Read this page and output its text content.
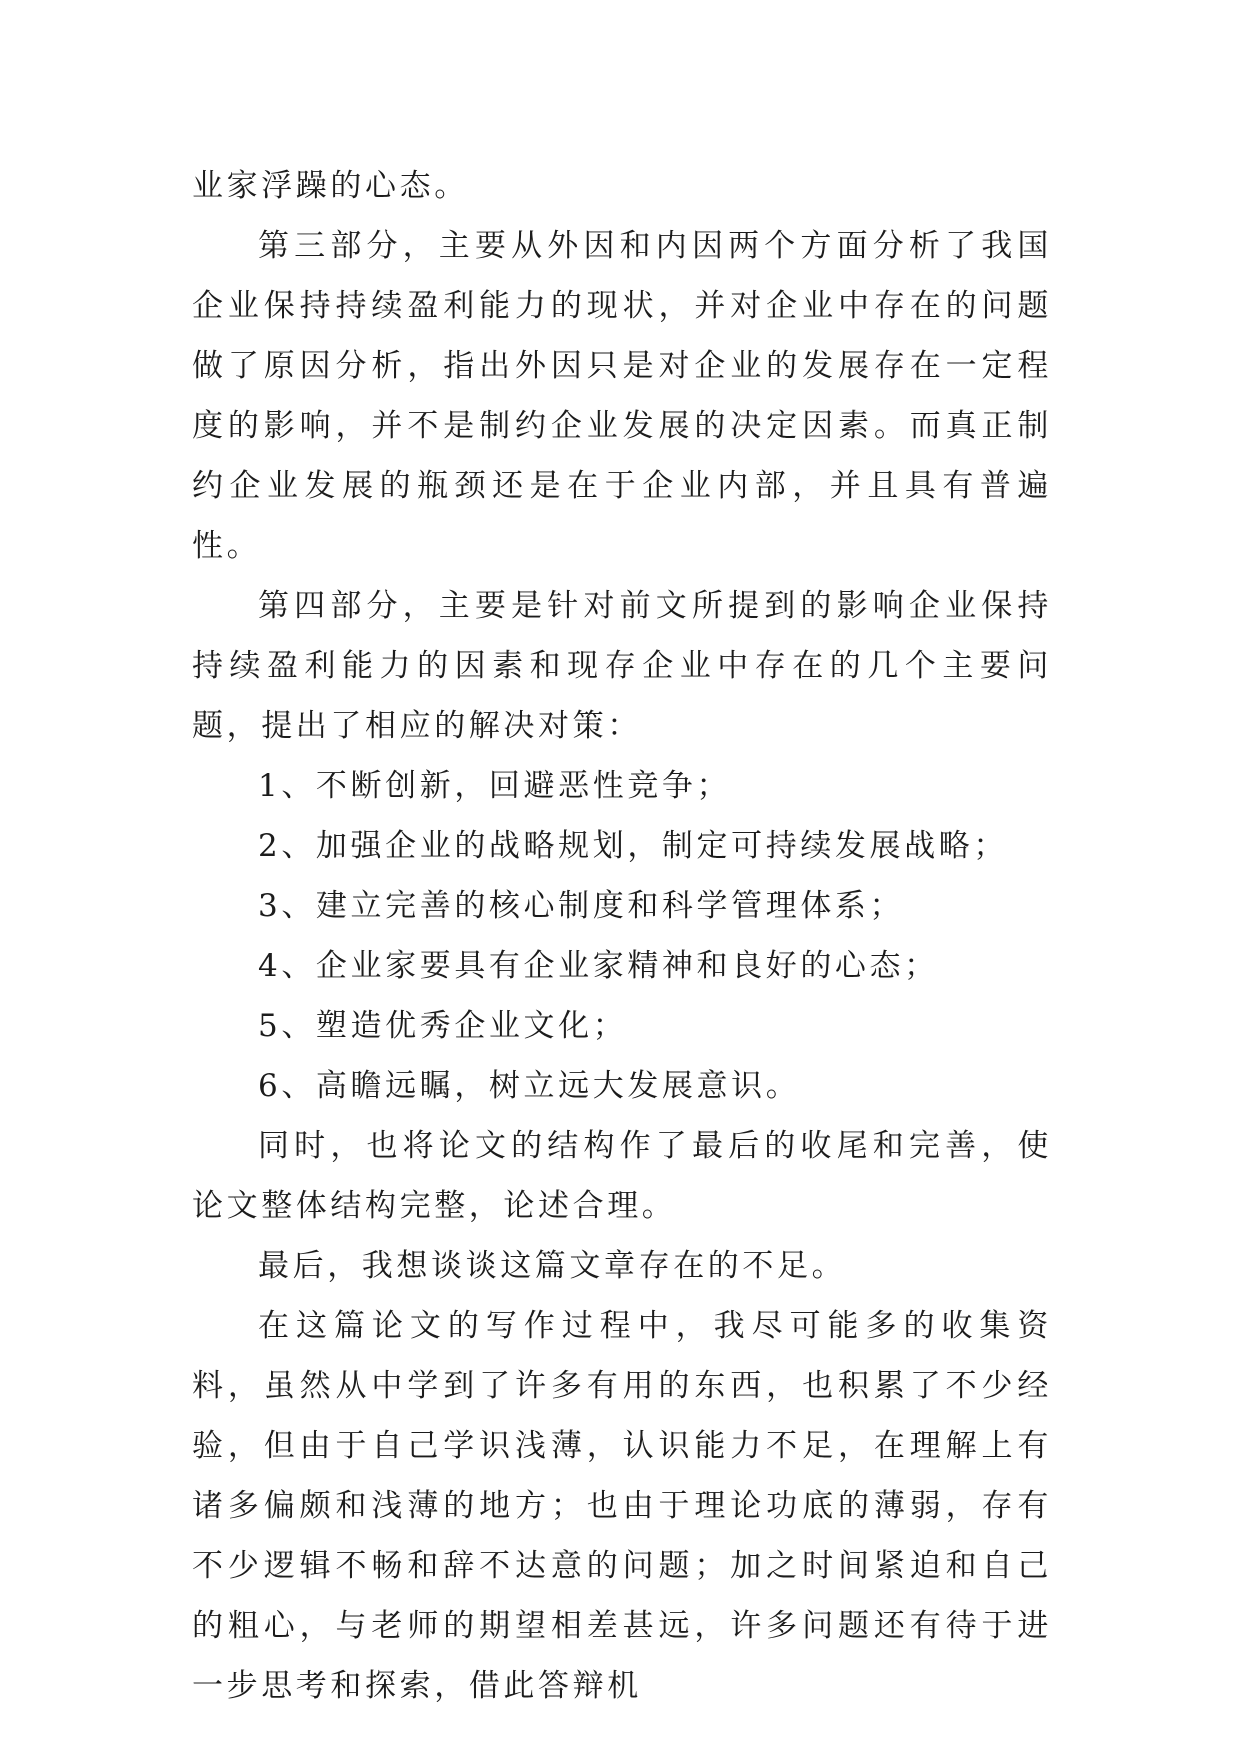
业家浮躁的心态。

第三部分，主要从外因和内因两个方面分析了我国企业保持持续盈利能力的现状，并对企业中存在的问题做了原因分析，指出外因只是对企业的发展存在一定程度的影响，并不是制约企业发展的决定因素。而真正制约企业发展的瓶颈还是在于企业内部，并且具有普遍性。

第四部分，主要是针对前文所提到的影响企业保持持续盈利能力的因素和现存企业中存在的几个主要问题，提出了相应的解决对策：

1、不断创新，回避恶性竞争；

2、加强企业的战略规划，制定可持续发展战略；

3、建立完善的核心制度和科学管理体系；

4、企业家要具有企业家精神和良好的心态；

5、塑造优秀企业文化；

6、高瞻远瞩，树立远大发展意识。

同时，也将论文的结构作了最后的收尾和完善，使论文整体结构完整，论述合理。

最后，我想谈谈这篇文章存在的不足。

在这篇论文的写作过程中，我尽可能多的收集资料，虽然从中学到了许多有用的东西，也积累了不少经验，但由于自己学识浅薄，认识能力不足，在理解上有诸多偏颇和浅薄的地方；也由于理论功底的薄弱，存有不少逻辑不畅和辞不达意的问题；加之时间紧迫和自己的粗心，与老师的期望相差甚远，许多问题还有待于进一步思考和探索，借此答辩机
